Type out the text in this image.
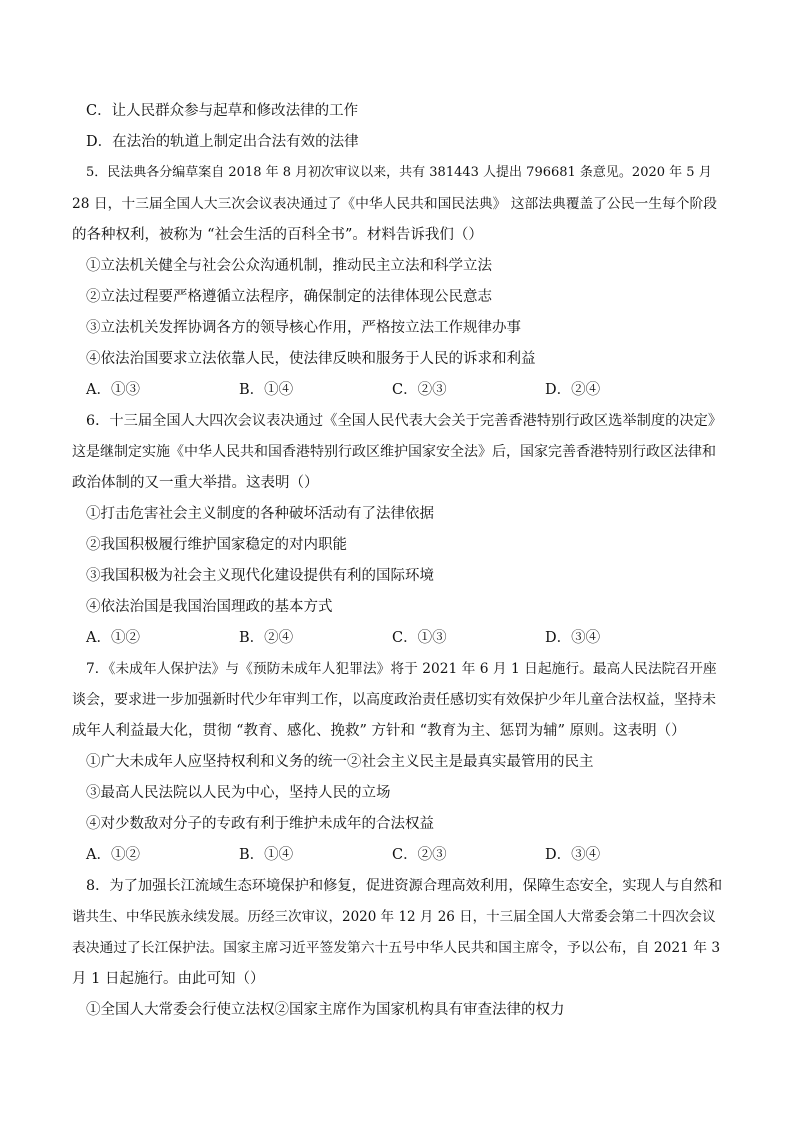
C．让人民群众参与起草和修改法律的工作
D．在法治的轨道上制定出合法有效的法律
5．民法典各分编草案自 2018 年 8 月初次审议以来，共有 381443 人提出 796681 条意见。2020 年 5 月
28 日，十三届全国人大三次会议表决通过了《中华人民共和国民法典》 这部法典覆盖了公民一生每个阶段
的各种权利，被称为 “社会生活的百科全书”。材料告诉我们（）
①立法机关健全与社会公众沟通机制，推动民主立法和科学立法
②立法过程要严格遵循立法程序，确保制定的法律体现公民意志
③立法机关发挥协调各方的领导核心作用，严格按立法工作规律办事
④依法治国要求立法依靠人民，使法律反映和服务于人民的诉求和利益
A．①③	B．①④	C．②③	D．②④
6．十三届全国人大四次会议表决通过《全国人民代表大会关于完善香港特别行政区选举制度的决定》
这是继制定实施《中华人民共和国香港特别行政区维护国家安全法》后，国家完善香港特别行政区法律和
政治体制的又一重大举措。这表明（）
①打击危害社会主义制度的各种破坏活动有了法律依据
②我国积极履行维护国家稳定的对内职能
③我国积极为社会主义现代化建设提供有利的国际环境
④依法治国是我国治国理政的基本方式
A．①②	B．②④	C．①③	D．③④
7．《未成年人保护法》与《预防未成年人犯罪法》将于 2021 年 6 月 1 日起施行。最高人民法院召开座
谈会，要求进一步加强新时代少年审判工作，以高度政治责任感切实有效保护少年儿童合法权益，坚持未
成年人利益最大化，贯彻 “教育、感化、挽救” 方针和 “教育为主、惩罚为辅” 原则。这表明（）
①广大未成年人应坚持权利和义务的统一②社会主义民主是最真实最管用的民主
③最高人民法院以人民为中心，坚持人民的立场
④对少数敌对分子的专政有利于维护未成年的合法权益
A．①②	B．①④	C．②③	D．③④
8．为了加强长江流域生态环境保护和修复，促进资源合理高效利用，保障生态安全，实现人与自然和
谐共生、中华民族永续发展。历经三次审议，2020 年 12 月 26 日，十三届全国人大常委会第二十四次会议
表决通过了长江保护法。国家主席习近平签发第六十五号中华人民共和国主席令，予以公布，自 2021 年 3
月 1 日起施行。由此可知（）
①全国人大常委会行使立法权②国家主席作为国家机构具有审查法律的权力
